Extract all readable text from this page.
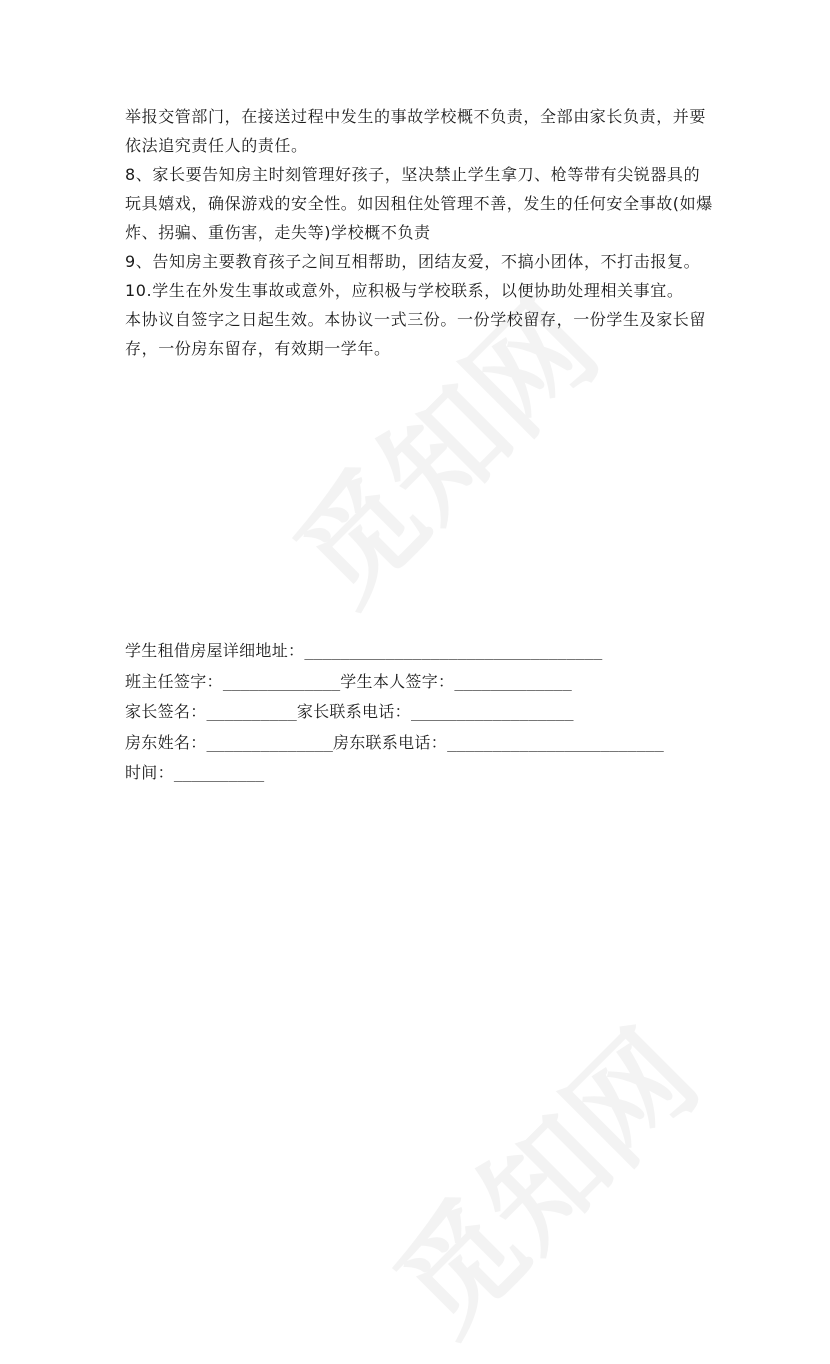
举报交管部门，在接送过程中发生的事故学校概不负责，全部由家长负责，并要依法追究责任人的责任。

8、家长要告知房主时刻管理好孩子，坚决禁止学生拿刀、枪等带有尖锐器具的玩具嬉戏，确保游戏的安全性。如因租住处管理不善，发生的任何安全事故(如爆炸、拐骗、重伤害，走失等)学校概不负责

9、告知房主要教育孩子之间互相帮助，团结友爱，不搞小团体，不打击报复。

10.学生在外发生事故或意外，应积极与学校联系，以便协助处理相关事宜。

本协议自签字之日起生效。本协议一式三份。一份学校留存，一份学生及家长留存，一份房东留存，有效期一学年。

学生租借房屋详细地址：_________________________________
班主任签字：_____________学生本人签字：_____________
家长签名：__________家长联系电话：__________________
房东姓名：______________房东联系电话：________________________
时间：__________
